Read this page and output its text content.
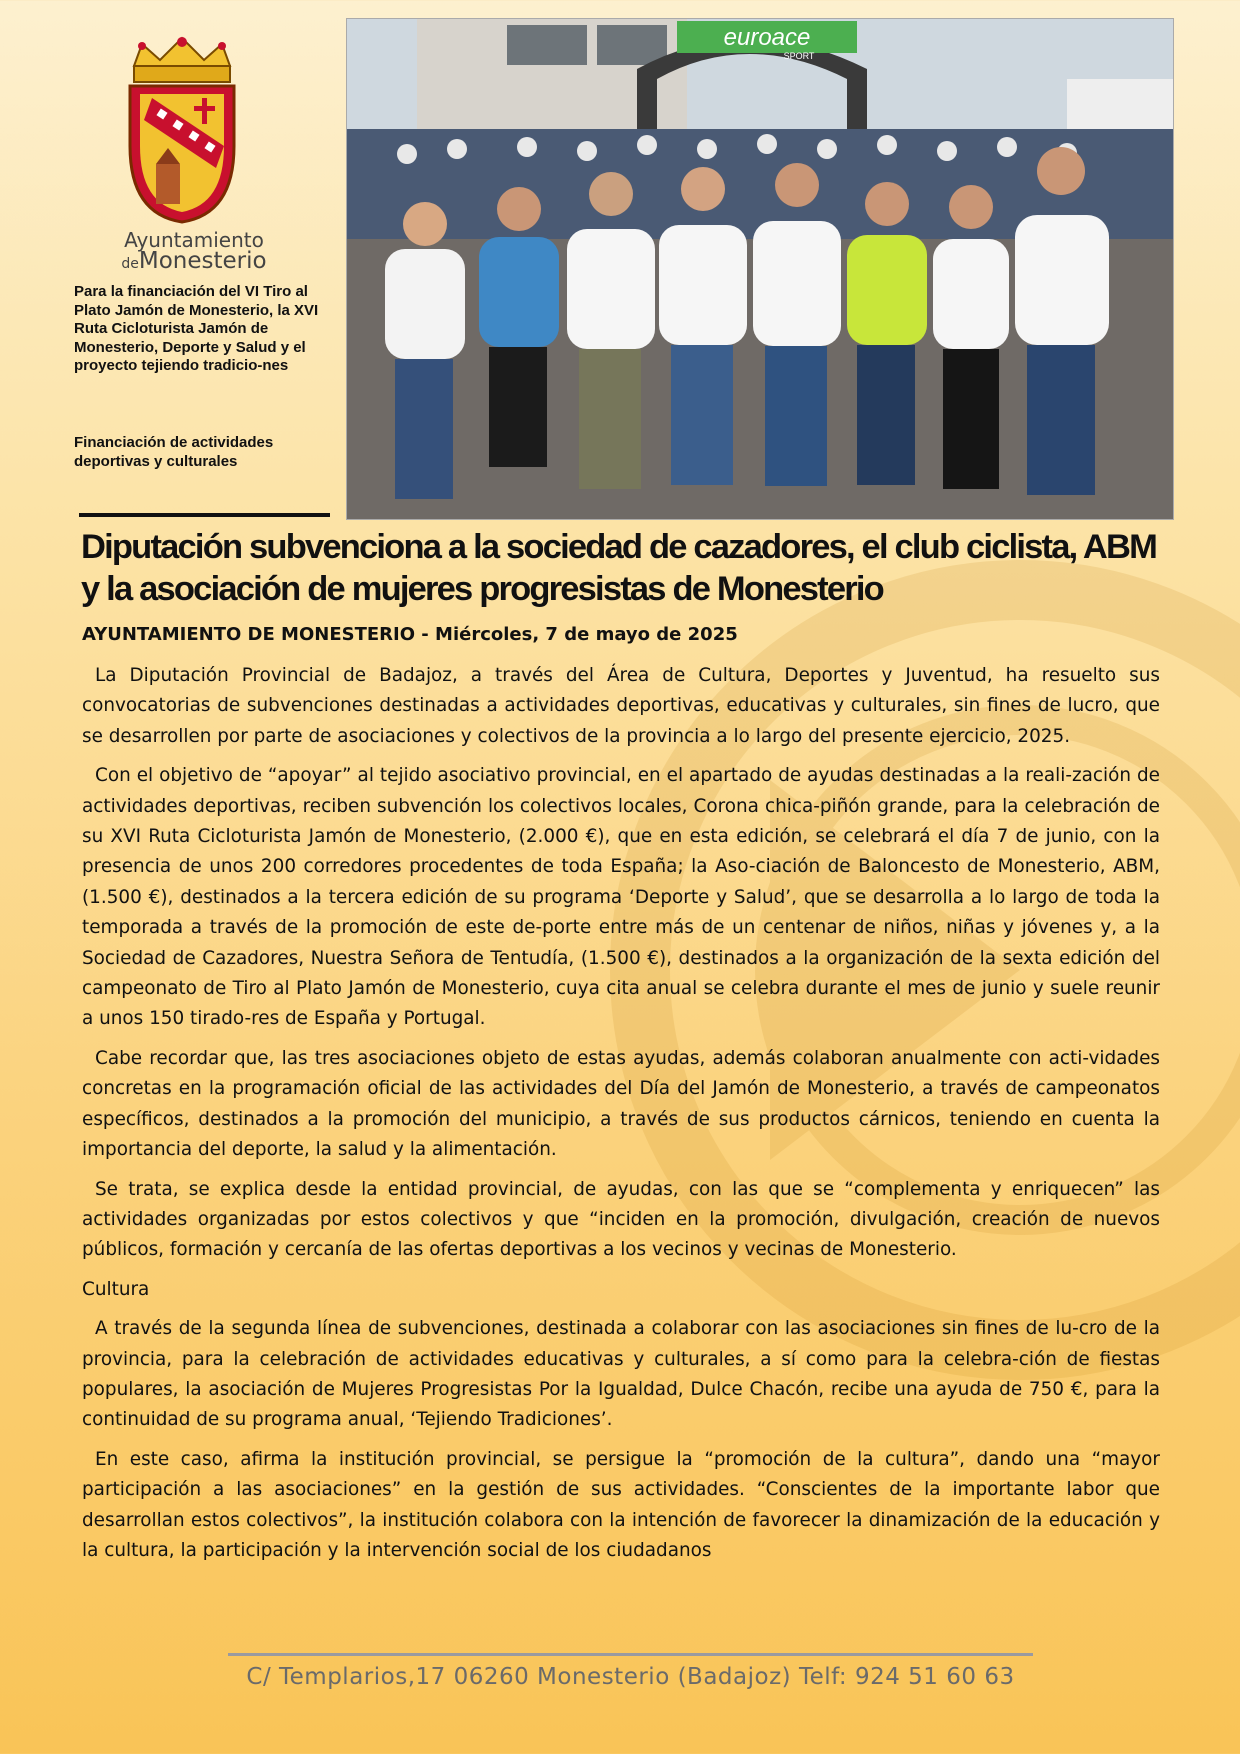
Ayuntamiento
deMonesterio
Para la financiación del VI Tiro al Plato Jamón de Monesterio, la XVI Ruta Cicloturista Jamón de Monesterio, Deporte y Salud y el proyecto tejiendo tradicio-nes
Financiación de actividades deportivas y culturales
euroace
SPORT
Diputación subvenciona a la sociedad de cazadores, el club ciclista, ABM y la asociación de mujeres progresistas de Monesterio

AYUNTAMIENTO DE MONESTERIO - Miércoles, 7 de mayo de 2025

La Diputación Provincial de Badajoz, a través del Área de Cultura, Deportes y Juventud, ha resuelto sus convocatorias de subvenciones destinadas a actividades deportivas, educativas y culturales, sin fines de lucro, que se desarrollen por parte de asociaciones y colectivos de la provincia a lo largo del presente ejercicio, 2025.

Con el objetivo de “apoyar” al tejido asociativo provincial, en el apartado de ayudas destinadas a la reali-zación de actividades deportivas, reciben subvención los colectivos locales, Corona chica-piñón grande, para la celebración de su XVI Ruta Cicloturista Jamón de Monesterio, (2.000 €), que en esta edición, se celebrará el día 7 de junio, con la presencia de unos 200 corredores procedentes de toda España; la Aso-ciación de Baloncesto de Monesterio, ABM, (1.500 €), destinados a la tercera edición de su programa ‘Deporte y Salud’, que se desarrolla a lo largo de toda la temporada a través de la promoción de este de-porte entre más de un centenar de niños, niñas y jóvenes y, a la Sociedad de Cazadores, Nuestra Señora de Tentudía, (1.500 €), destinados a la organización de la sexta edición del campeonato de Tiro al Plato Jamón de Monesterio, cuya cita anual se celebra durante el mes de junio y suele reunir a unos 150 tirado-res de España y Portugal.

Cabe recordar que, las tres asociaciones objeto de estas ayudas, además colaboran anualmente con acti-vidades concretas en la programación oficial de las actividades del Día del Jamón de Monesterio, a través de campeonatos específicos, destinados a la promoción del municipio, a través de sus productos cárnicos, teniendo en cuenta la importancia del deporte, la salud y la alimentación.

Se trata, se explica desde la entidad provincial, de ayudas, con las que se “complementa y enriquecen” las actividades organizadas por estos colectivos y que “inciden en la promoción, divulgación, creación de nuevos públicos, formación y cercanía de las ofertas deportivas a los vecinos y vecinas de Monesterio.

Cultura

A través de la segunda línea de subvenciones, destinada a colaborar con las asociaciones sin fines de lu-cro de la provincia, para la celebración de actividades educativas y culturales, a sí como para la celebra-ción de fiestas populares, la asociación de Mujeres Progresistas Por la Igualdad, Dulce Chacón, recibe una ayuda de 750 €, para la continuidad de su programa anual, ‘Tejiendo Tradiciones’.

En este caso, afirma la institución provincial, se persigue la “promoción de la cultura”, dando una “mayor participación a las asociaciones” en la gestión de sus actividades. “Conscientes de la importante labor que desarrollan estos colectivos”, la institución colabora con la intención de favorecer la dinamización de la educación y la cultura, la participación y la intervención social de los ciudadanos

C/ Templarios,17 06260 Monesterio (Badajoz) Telf: 924 51 60 63
